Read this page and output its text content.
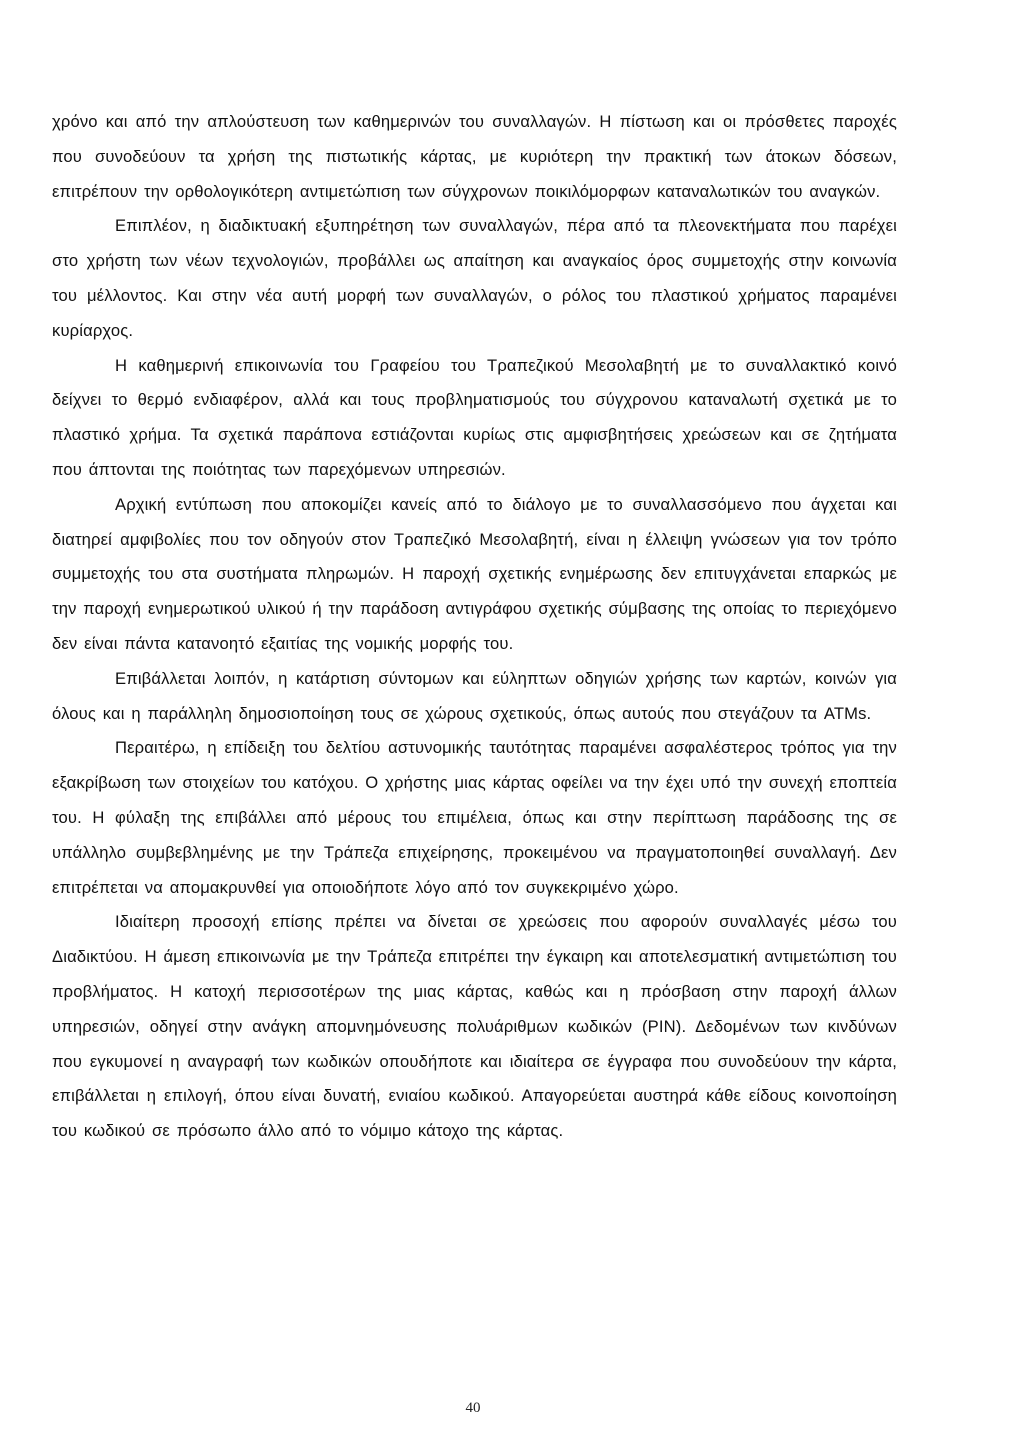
χρόνο και από την απλούστευση των καθημερινών του συναλλαγών. Η πίστωση και οι πρόσθετες παροχές που συνοδεύουν τα χρήση της πιστωτικής κάρτας, με κυριότερη την πρακτική των άτοκων δόσεων, επιτρέπουν την ορθολογικότερη αντιμετώπιση των σύγχρονων ποικιλόμορφων καταναλωτικών του αναγκών.

Επιπλέον, η διαδικτυακή εξυπηρέτηση των συναλλαγών, πέρα από τα πλεονεκτήματα που παρέχει στο χρήστη των νέων τεχνολογιών, προβάλλει ως απαίτηση και αναγκαίος όρος συμμετοχής στην κοινωνία του μέλλοντος. Και στην νέα αυτή μορφή των συναλλαγών, ο ρόλος του πλαστικού χρήματος παραμένει κυρίαρχος.

Η καθημερινή επικοινωνία του Γραφείου του Τραπεζικού Μεσολαβητή με το συναλλακτικό κοινό δείχνει το θερμό ενδιαφέρον, αλλά και τους προβληματισμούς του σύγχρονου καταναλωτή σχετικά με το πλαστικό χρήμα. Τα σχετικά παράπονα εστιάζονται κυρίως στις αμφισβητήσεις χρεώσεων και σε ζητήματα που άπτονται της ποιότητας των παρεχόμενων υπηρεσιών.

Αρχική εντύπωση που αποκομίζει κανείς από το διάλογο με το συναλλασσόμενο που άγχεται και διατηρεί αμφιβολίες που τον οδηγούν στον Τραπεζικό Μεσολαβητή, είναι η έλλειψη γνώσεων για τον τρόπο συμμετοχής του στα συστήματα πληρωμών. Η παροχή σχετικής ενημέρωσης δεν επιτυγχάνεται επαρκώς με την παροχή ενημερωτικού υλικού ή την παράδοση αντιγράφου σχετικής σύμβασης της οποίας το περιεχόμενο δεν είναι πάντα κατανοητό εξαιτίας της νομικής μορφής του.

Επιβάλλεται λοιπόν, η κατάρτιση σύντομων και εύληπτων οδηγιών χρήσης των καρτών, κοινών για όλους και η παράλληλη δημοσιοποίηση τους σε χώρους σχετικούς, όπως αυτούς που στεγάζουν τα ATMs.

Περαιτέρω, η επίδειξη του δελτίου αστυνομικής ταυτότητας παραμένει ασφαλέστερος τρόπος για την εξακρίβωση των στοιχείων του κατόχου. Ο χρήστης μιας κάρτας οφείλει να την έχει υπό την συνεχή εποπτεία του. Η φύλαξη της επιβάλλει από μέρους του επιμέλεια, όπως και στην περίπτωση παράδοσης της σε υπάλληλο συμβεβλημένης με την Τράπεζα επιχείρησης, προκειμένου να πραγματοποιηθεί συναλλαγή. Δεν επιτρέπεται να απομακρυνθεί για οποιοδήποτε λόγο από τον συγκεκριμένο χώρο.

Ιδιαίτερη προσοχή επίσης πρέπει να δίνεται σε χρεώσεις που αφορούν συναλλαγές μέσω του Διαδικτύου. Η άμεση επικοινωνία με την Τράπεζα επιτρέπει την έγκαιρη και αποτελεσματική αντιμετώπιση του προβλήματος. Η κατοχή περισσοτέρων της μιας κάρτας, καθώς και η πρόσβαση στην παροχή άλλων υπηρεσιών, οδηγεί στην ανάγκη απομνημόνευσης πολυάριθμων κωδικών (PIN). Δεδομένων των κινδύνων που εγκυμονεί η αναγραφή των κωδικών οπουδήποτε και ιδιαίτερα σε έγγραφα που συνοδεύουν την κάρτα, επιβάλλεται η επιλογή, όπου είναι δυνατή, ενιαίου κωδικού. Απαγορεύεται αυστηρά κάθε είδους κοινοποίηση του κωδικού σε πρόσωπο άλλο από το νόμιμο κάτοχο της κάρτας.

40
